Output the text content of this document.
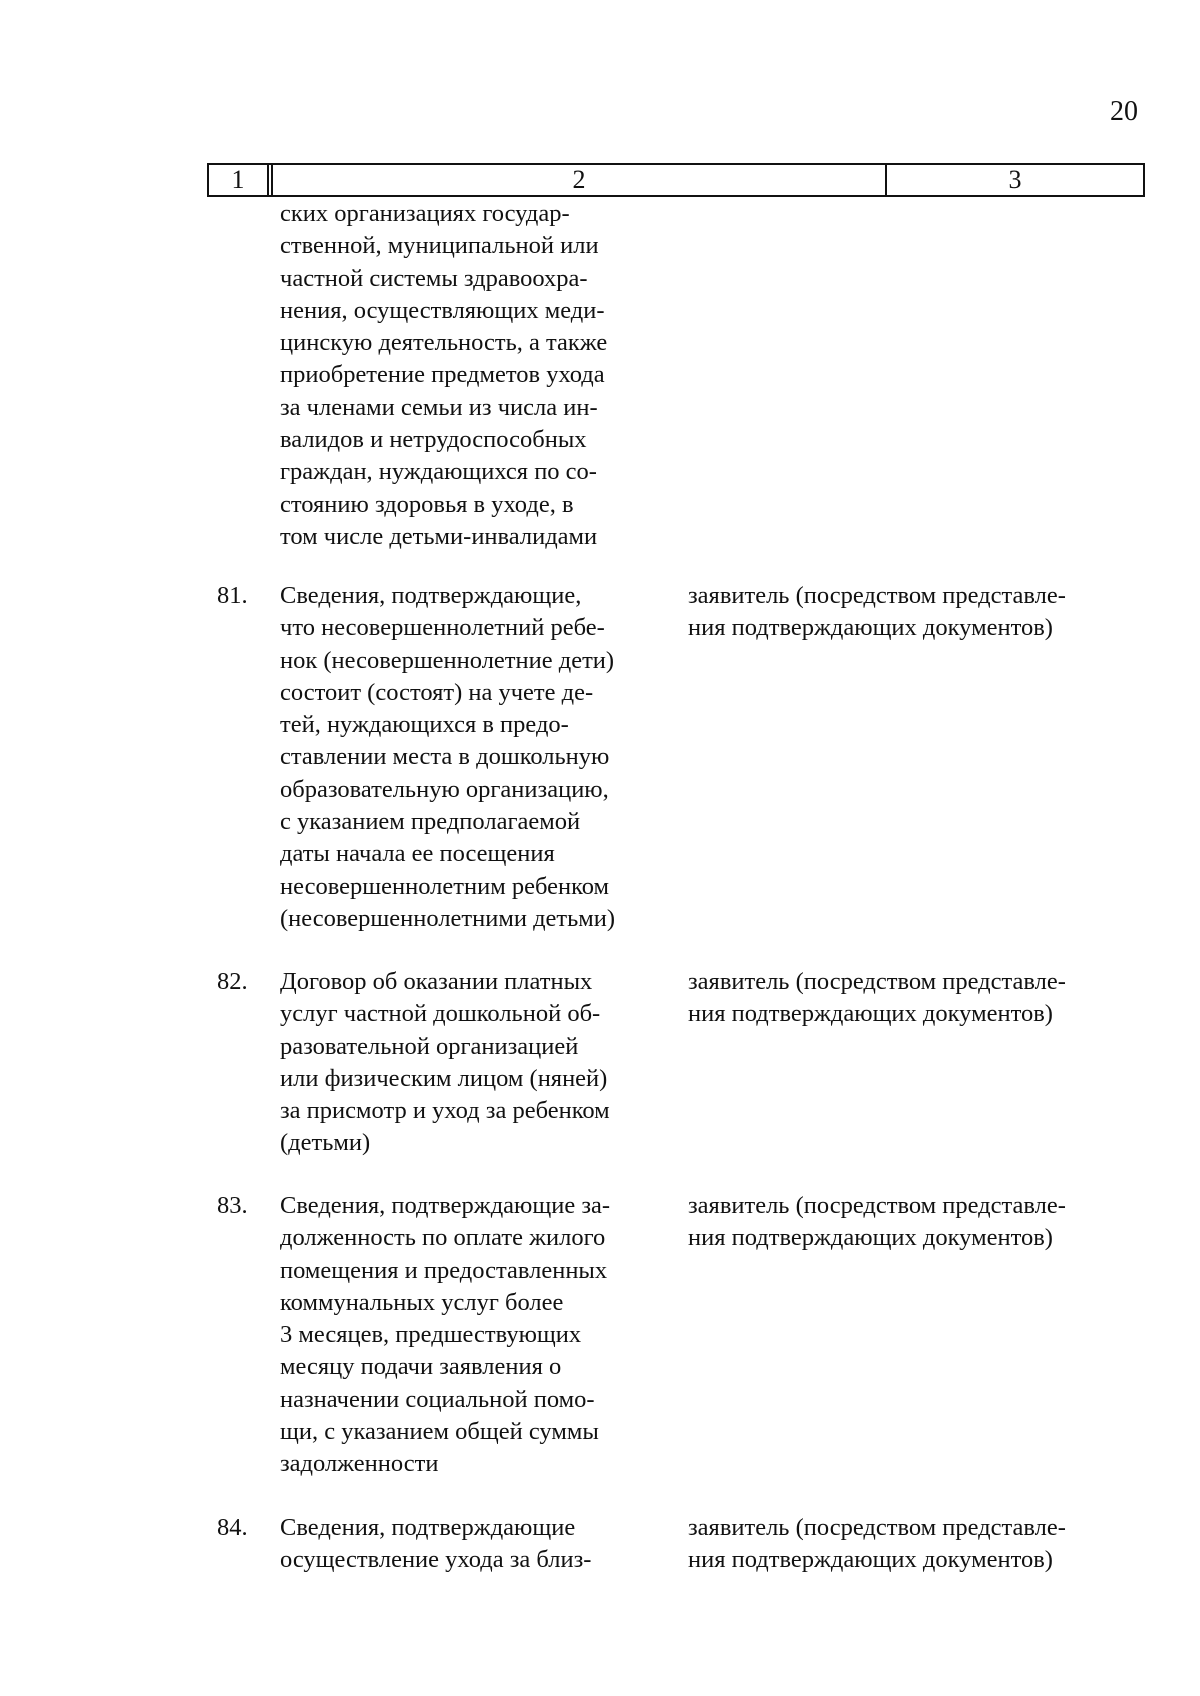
20
1	2	3
ских организациях государ-
ственной, муниципальной или
частной системы здравоохра-
нения, осуществляющих меди-
цинскую деятельность, а также
приобретение предметов ухода
за членами семьи из числа ин-
валидов и нетрудоспособных
граждан, нуждающихся по со-
стоянию здоровья в уходе, в
том числе детьми-инвалидами
81. Сведения, подтверждающие,
что несовершеннолетний ребе-
нок (несовершеннолетние дети)
состоит (состоят) на учете де-
тей, нуждающихся в предо-
ставлении места в дошкольную
образовательную организацию,
с указанием предполагаемой
даты начала ее посещения
несовершеннолетним ребенком
(несовершеннолетними детьми)
заявитель (посредством представле-
ния подтверждающих документов)
82. Договор об оказании платных
услуг частной дошкольной об-
разовательной организацией
или физическим лицом (няней)
за присмотр и уход за ребенком
(детьми)
заявитель (посредством представле-
ния подтверждающих документов)
83. Сведения, подтверждающие за-
долженность по оплате жилого
помещения и предоставленных
коммунальных услуг более
3 месяцев, предшествующих
месяцу подачи заявления о
назначении социальной помо-
щи, с указанием общей суммы
задолженности
заявитель (посредством представле-
ния подтверждающих документов)
84. Сведения, подтверждающие
осуществление ухода за близ-
заявитель (посредством представле-
ния подтверждающих документов)
